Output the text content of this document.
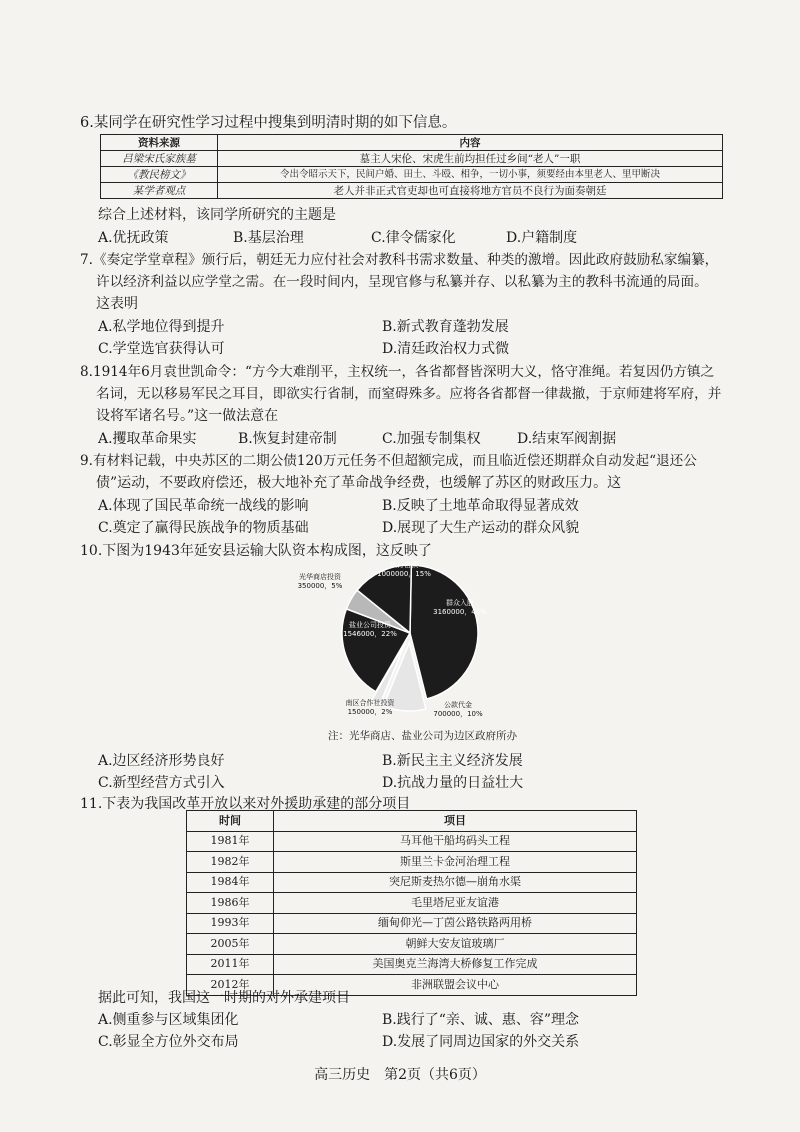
6.某同学在研究性学习过程中搜集到明清时期的如下信息。
资料来源	内容
吕梁宋氏家族墓	墓主人宋伦、宋虎生前均担任过乡间“老人”一职
《教民榜文》	令出令昭示天下，民间户婚、田土、斗殴、相争，一切小事，须要经由本里老人、里甲断决
某学者观点	老人并非正式官吏却也可直接将地方官员不良行为面奏朝廷
综合上述材料，该同学所研究的主题是
A.优抚政策	B.基层治理	C.律令儒家化	D.户籍制度
7.《奏定学堂章程》颁行后，朝廷无力应付社会对教科书需求数量、种类的激增。因此政府鼓励私家编纂，
许以经济利益以应学堂之需。在一段时间内，呈现官修与私纂并存、以私纂为主的教科书流通的局面。
这表明
A.私学地位得到提升	B.新式教育蓬勃发展
C.学堂选官获得认可	D.清廷政治权力式微
8.1914年6月袁世凯命令：“方今大难削平，主权统一，各省都督皆深明大义，恪守准绳。若复因仍方镇之
名词，无以移易军民之耳目，即欲实行省制，而窒碍殊多。应将各省都督一律裁撤，于京师建将军府，并
设将军诸名号。”这一做法意在
A.攫取革命果实	B.恢复封建帝制	C.加强专制集权	D.结束军阀割据
9.有材料记载，中央苏区的二期公债120万元任务不但超额完成，而且临近偿还期群众自动发起“退还公
债”运动，不要政府偿还，极大地补充了革命战争经费，也缓解了苏区的财政压力。这
A.体现了国民革命统一战线的影响	B.反映了土地革命取得显著成效
C.奠定了赢得民族战争的物质基础	D.展现了大生产运动的群众风貌
10.下图为1943年延安县运输大队资本构成图，这反映了
群众入股
3160000，46%
公款代金
700000，10%
南区合作社投资
150000，2%
盐业公司投资
1546000，22%
光华商店投资
350000，5%
银行借款
1000000，15%
注：光华商店、盐业公司为边区政府所办
A.边区经济形势良好	B.新民主主义经济发展
C.新型经营方式引入	D.抗战力量的日益壮大
11.下表为我国改革开放以来对外援助承建的部分项目
时间	项目
1981年	马耳他干船坞码头工程
1982年	斯里兰卡金河治理工程
1984年	突尼斯麦热尔德—崩角水渠
1986年	毛里塔尼亚友谊港
1993年	缅甸仰光—丁茵公路铁路两用桥
2005年	朝鲜大安友谊玻璃厂
2011年	美国奥克兰海湾大桥修复工作完成
2012年	非洲联盟会议中心
据此可知，我国这一时期的对外承建项目
A.侧重参与区域集团化	B.践行了“亲、诚、惠、容”理念
C.彰显全方位外交布局	D.发展了同周边国家的外交关系
高三历史　第2页（共6页）
